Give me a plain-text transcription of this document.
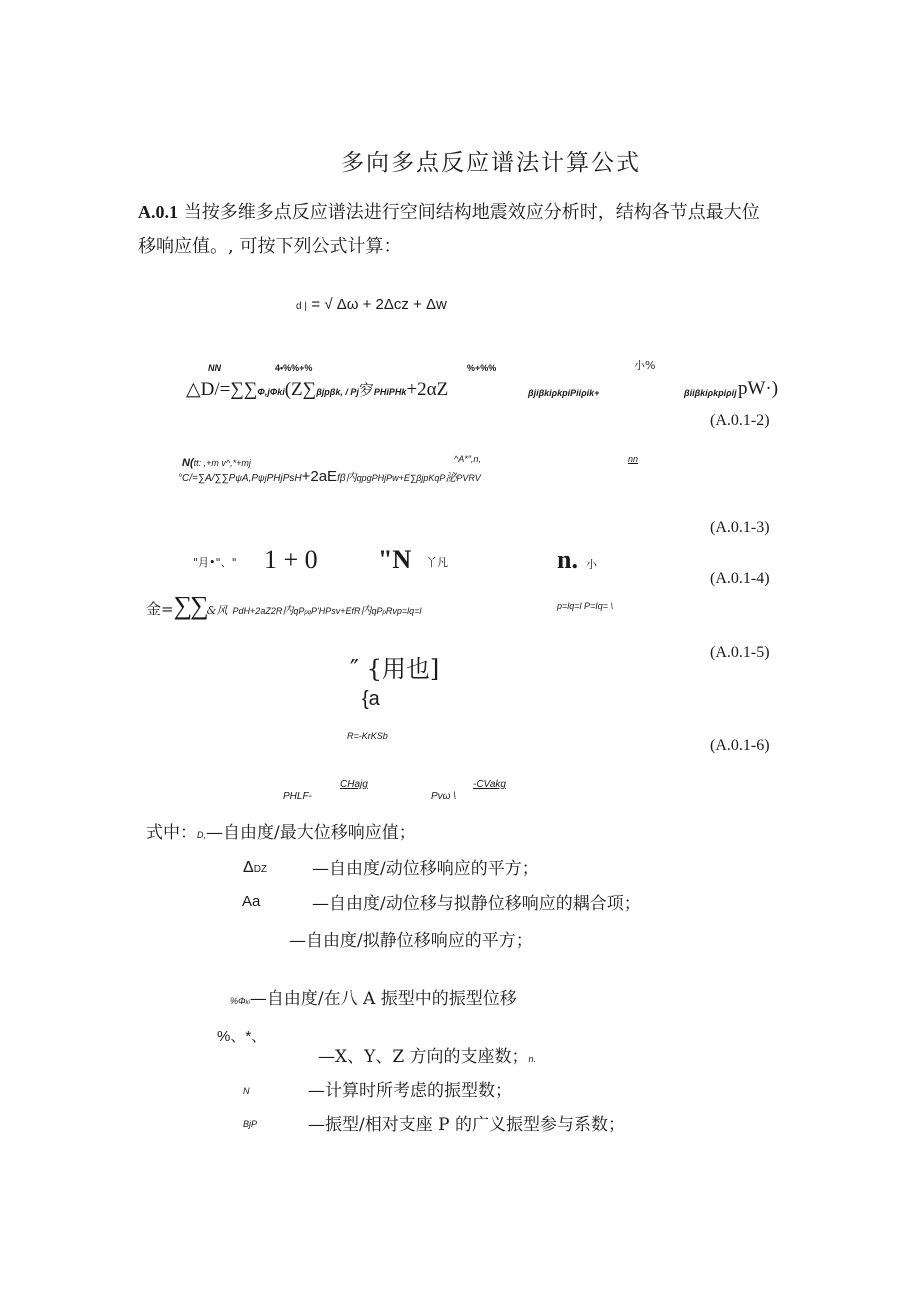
多向多点反应谱法计算公式
A.0.1 当按多维多点反应谱法进行空间结构地震效应分析时，结构各节点最大位
移响应值。, 可按下列公式计算：
d | = √ Δω + 2Δcz + Δw
NN	4•%%+%	%+%%	小%
△D/=∑∑Φ,jΦki(Z∑βjpβk, / Pj穸PHiPHk+2αZ	βjiβkiρkpiPiiρik+	βiiβkiρkpiρij pW·)
(A.0.1-2)
N(tt: ,+m v^,*+mj	^A*",n,	nn
°C/=∑A/∑∑PψA,PψjPHjPsH+2aEfβ内qpgPHjPw+E∑βjpKqP泌PVRV
(A.0.1-3)
"月•"、" 1 + 0 "N 丫凡	n. 小
(A.0.1-4)
金=∑∑&风 PdH+2aZ2R内qPpqP'HPsv+EfR内qPpRvp=lq=l	p=lq=l P=Iq= \
(A.0.1-5)
″ {用也]
{a
R=-KrKSb
(A.0.1-6)
PHLF-
CHajg
Pvω \
-CVakg
式中：D,—自由度/最大位移响应值；
ΔDZ	—自由度/动位移响应的平方；
Aa	—自由度/动位移与拟静位移响应的耦合项；
—自由度/拟静位移响应的平方；
%Φki—自由度/在八 A 振型中的振型位移
%、*、
—X、Y、Z 方向的支座数；n.
N	—计算时所考虑的振型数；
BjP	—振型/相对支座 P 的广义振型参与系数；
